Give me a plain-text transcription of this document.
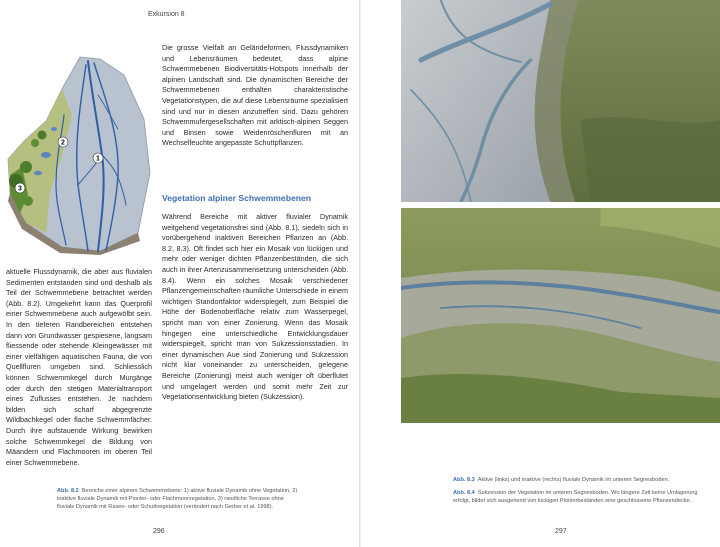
Exkursion 8
1
2
3

Die grosse Vielfalt an Geländeformen, Flussdynamiken und Lebensräumen bedeutet, dass alpine Schwemmebenen Biodiversitäts-Hotspots innerhalb der alpinen Landschaft sind. Die dynamischen Bereiche der Schwemmebenen enthalten charakteristische Vegetationstypen, die auf diese Lebensräume spezialisiert sind und nur in diesen anzutreffen sind. Dazu gehören Schwemmufergesellschaften mit arktisch-alpinen Seggen und Binsen sowie Weidenröschenfluren mit an Wechselfeuchte angepasste Schuttpflanzen.

Vegetation alpiner Schwemmebenen

Während Bereiche mit aktiver fluvialer Dynamik weitgehend vegetationsfrei sind (Abb. 8.1), siedeln sich in vorübergehend inaktiven Bereichen Pflanzen an (Abb. 8.2, 8.3). Oft findet sich hier ein Mosaik von lückigen und mehr oder weniger dichten Pflanzenbeständen, die sich auch in ihrer Artenzusammensetzung unterscheiden (Abb. 8.4). Wenn ein solches Mosaik verschiedener Pflanzengemeinschaften räumliche Unterschiede in einem wichtigen Standortfaktor widerspiegelt, zum Beispiel die Höhe der Bodenoberfläche relativ zum Wasserpegel, spricht man von einer Zonierung. Wenn das Mosaik hingegen eine unterschiedliche Entwicklungsdauer widerspiegelt, spricht man von Sukzessionsstadien. In einer dynamischen Aue sind Zonierung und Sukzession nicht klar voneinander zu unterscheiden, gelegene Bereiche (Zonierung) meist auch weniger oft überflutet und umgelagert werden und somit mehr Zeit zur Vegetationsentwicklung bieten (Sukzession).

aktuelle Flussdynamik, die aber aus fluvialen Sedimenten entstanden sind und deshalb als Teil der Schwemmebene betrachtet werden (Abb. 8.2). Umgekehrt kann das Querprofil einer Schwemmebene auch aufgewölbt sein. In den tieferen Randbereichen entstehen dann von Grundwasser gespiesene, langsam fliessende oder stehende Kleingewässer mit einer vielfältigen aquatischen Fauna, die von Quellfluren umgeben sind. Schliesslich können Schwemmkegel durch Murgänge oder durch den stetigen Materialtransport eines Zuflusses entstehen. Je nachdem bilden sich scharf abgegrenzte Wildbachkegel oder flache Schwemmfächer. Durch ihre aufstauende Wirkung bewirken solche Schwemmkegel die Bildung von Mäandern und Flachmooren im oberen Teil einer Schwemmebene.

Abb. 8.2 Bereiche einer alpinen Schwemmebene: 1) aktive fluviale Dynamik ohne Vegetation, 2) inaktive fluviale Dynamik mit Pionier- oder Flachmoorvegetation, 3) randliche Terrasse ohne fluviale Dynamik mit Rasen- oder Schuttvegetation (verändert nach Gerber et al. 1998).

296

Abb. 8.3 Aktive (links) und inaktive (rechts) fluviale Dynamik im unteren Segnesboden.

Abb. 8.4 Sukzession der Vegetation im unteren Segnesboden. Wo längere Zeit keine Umlagerung erfolgt, bildet sich ausgehend von lückigen Pionierbeständen eine geschlossene Pflanzendecke.

297
